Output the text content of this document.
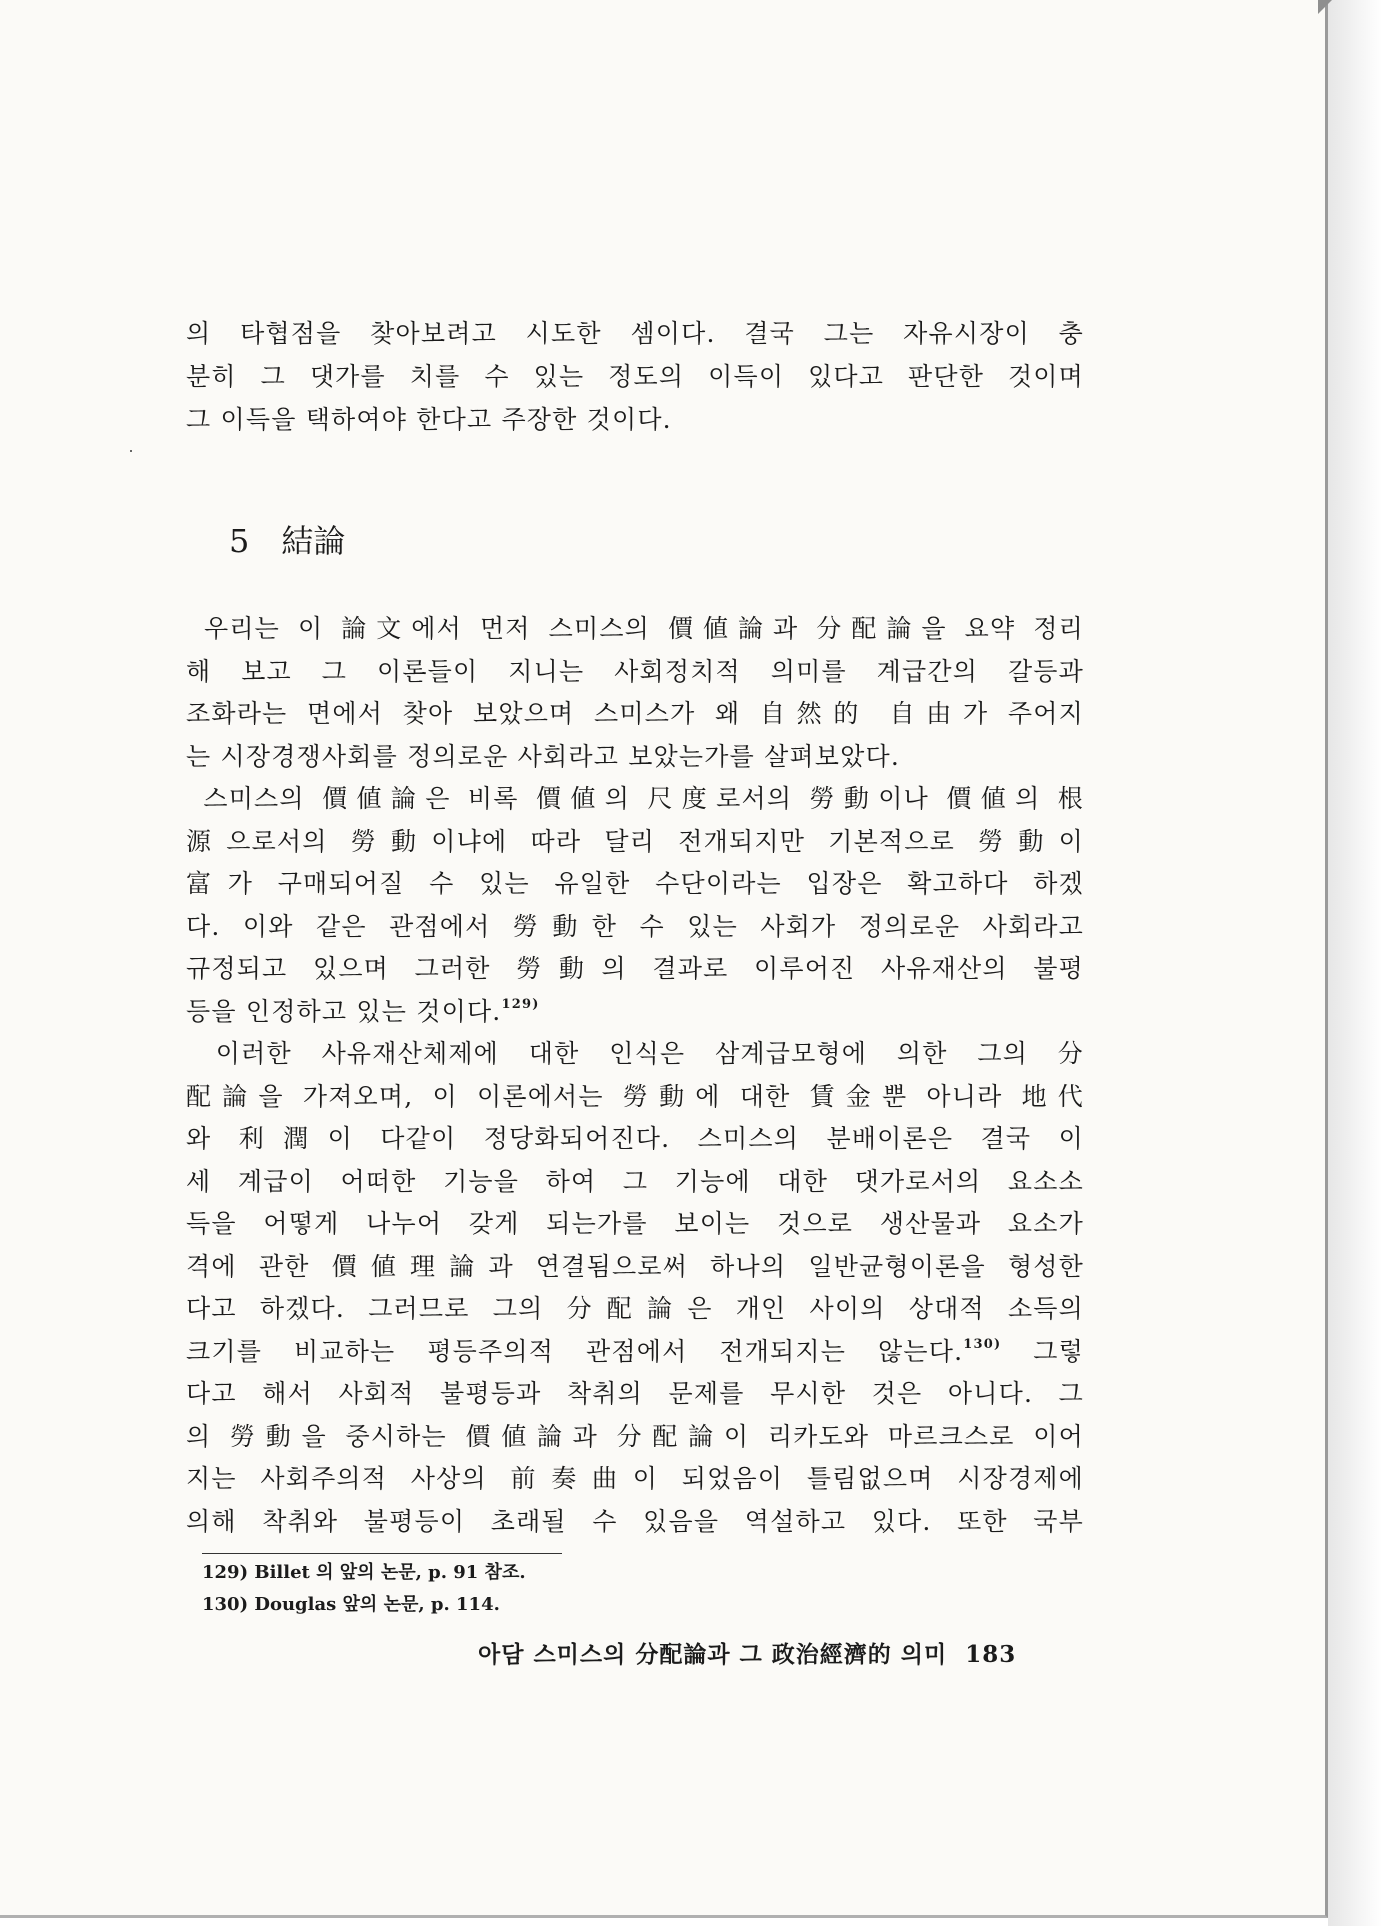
의 타협점을 찾아보려고 시도한 셈이다. 결국 그는 자유시장이 충
분히 그 댓가를 치를 수 있는 정도의 이득이 있다고 판단한 것이며
그 이득을 택하여야 한다고 주장한 것이다.
5 結論
우리는 이 論文에서 먼저 스미스의 價値論과 分配論을 요약 정리
해 보고 그 이론들이 지니는 사회정치적 의미를 계급간의 갈등과
조화라는 면에서 찾아 보았으며 스미스가 왜 自然的 自由가 주어지
는 시장경쟁사회를 정의로운 사회라고 보았는가를 살펴보았다.
스미스의 價値論은 비록 價値의 尺度로서의 勞動이나 價値의 根
源으로서의 勞動이냐에 따라 달리 전개되지만 기본적으로 勞動이
富가 구매되어질 수 있는 유일한 수단이라는 입장은 확고하다 하겠
다. 이와 같은 관점에서 勞動한 수 있는 사회가 정의로운 사회라고
규정되고 있으며 그러한 勞動의 결과로 이루어진 사유재산의 불평
등을 인정하고 있는 것이다.$^{129)}$
이러한 사유재산체제에 대한 인식은 삼계급모형에 의한 그의 分
配論을 가져오며, 이 이론에서는 勞動에 대한 賃金뿐 아니라 地代
와 利潤이 다같이 정당화되어진다. 스미스의 분배이론은 결국 이
세 계급이 어떠한 기능을 하여 그 기능에 대한 댓가로서의 요소소
득을 어떻게 나누어 갖게 되는가를 보이는 것으로 생산물과 요소가
격에 관한 價値理論과 연결됨으로써 하나의 일반균형이론을 형성한
다고 하겠다. 그러므로 그의 分配論은 개인 사이의 상대적 소득의
크기를 비교하는 평등주의적 관점에서 전개되지는 않는다.$^{130)}$ 그렇
다고 해서 사회적 불평등과 착취의 문제를 무시한 것은 아니다. 그
의 勞動을 중시하는 價値論과 分配論이 리카도와 마르크스로 이어
지는 사회주의적 사상의 前奏曲이 되었음이 틀림없으며 시장경제에
의해 착취와 불평등이 초래될 수 있음을 역설하고 있다. 또한 국부
129) Billet 의 앞의 논문, p. 91 참조.
130) Douglas 앞의 논문, p. 114.
아담 스미스의 分配論과 그 政治經濟的 의미 183
